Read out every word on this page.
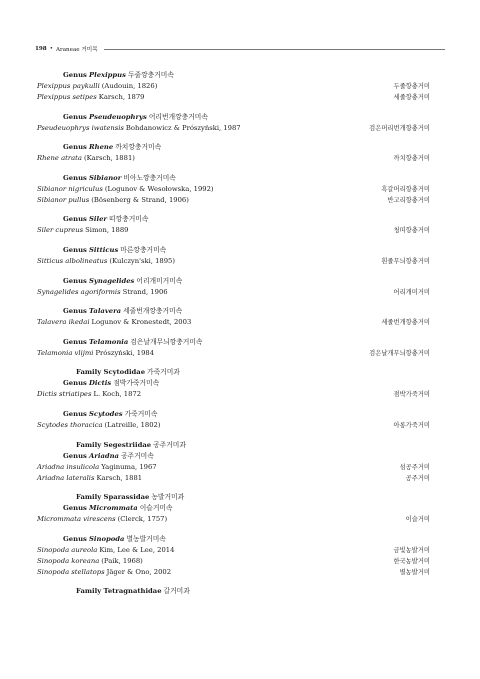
198 • Araneae 거미목
Genus Plexippus 두줄깡충거미속
Plexippus paykulli (Audouin, 1826)	두줄깡충거미
Plexippus setipes Karsch, 1879	세줄깡충거미
Genus Pseudeuophrys 어리번개깡충거미속
Pseudeuophrys iwatensis Bohdanowicz & Prószyński, 1987	검은머리번개깡충거미
Genus Rhene 까치깡충거미속
Rhene atrata (Karsch, 1881)	까치깡충거미
Genus Sibianor 비아노깡충거미속
Sibianor nigriculus (Logunov & Wesołowska, 1992)	흑갈머리깡충거미
Sibianor pullus (Bösenberg & Strand, 1906)	반고리깡충거미
Genus Siler 띠깡충거미속
Siler cupreus Simon, 1889	청띠깡충거미
Genus Sitticus 마른깡충거미속
Sitticus albolineatus (Kulczyn'ski, 1895)	흰줄무늬깡충거미
Genus Synagelides 어리개미거미속
Synagelides agoriformis Strand, 1906	어리개미거미
Genus Talavera 세줄번개깡충거미속
Talavera ikedai Logunov & Kronestedt, 2003	세줄번개깡충거미
Genus Telamonia 검은날개무늬깡충거미속
Telamonia vlijmi Prószyński, 1984	검은날개무늬깡충거미
Family Scytodidae 가죽거미과
Genus Dictis 점박가죽거미속
Dictis striatipes L. Koch, 1872	점박가죽거미
Genus Scytodes 가죽거미속
Scytodes thoracica (Latreille, 1802)	아롱가죽거미
Family Segestriidae 공주거미과
Genus Ariadna 공주거미속
Ariadna insulicola Yaginuma, 1967	섬공주거미
Ariadna lateralis Karsch, 1881	공주거미
Family Sparassidae 농발거미과
Genus Micrommata 이슬거미속
Micrommata virescens (Clerck, 1757)	이슬거미
Genus Sinopoda 별농발거미속
Sinopoda aureola Kim, Lee & Lee, 2014	금빛농발거미
Sinopoda koreana (Paik, 1968)	한국농발거미
Sinopoda stellatops Jäger & Ono, 2002	별농발거미
Family Tetragnathidae 갈거미과
